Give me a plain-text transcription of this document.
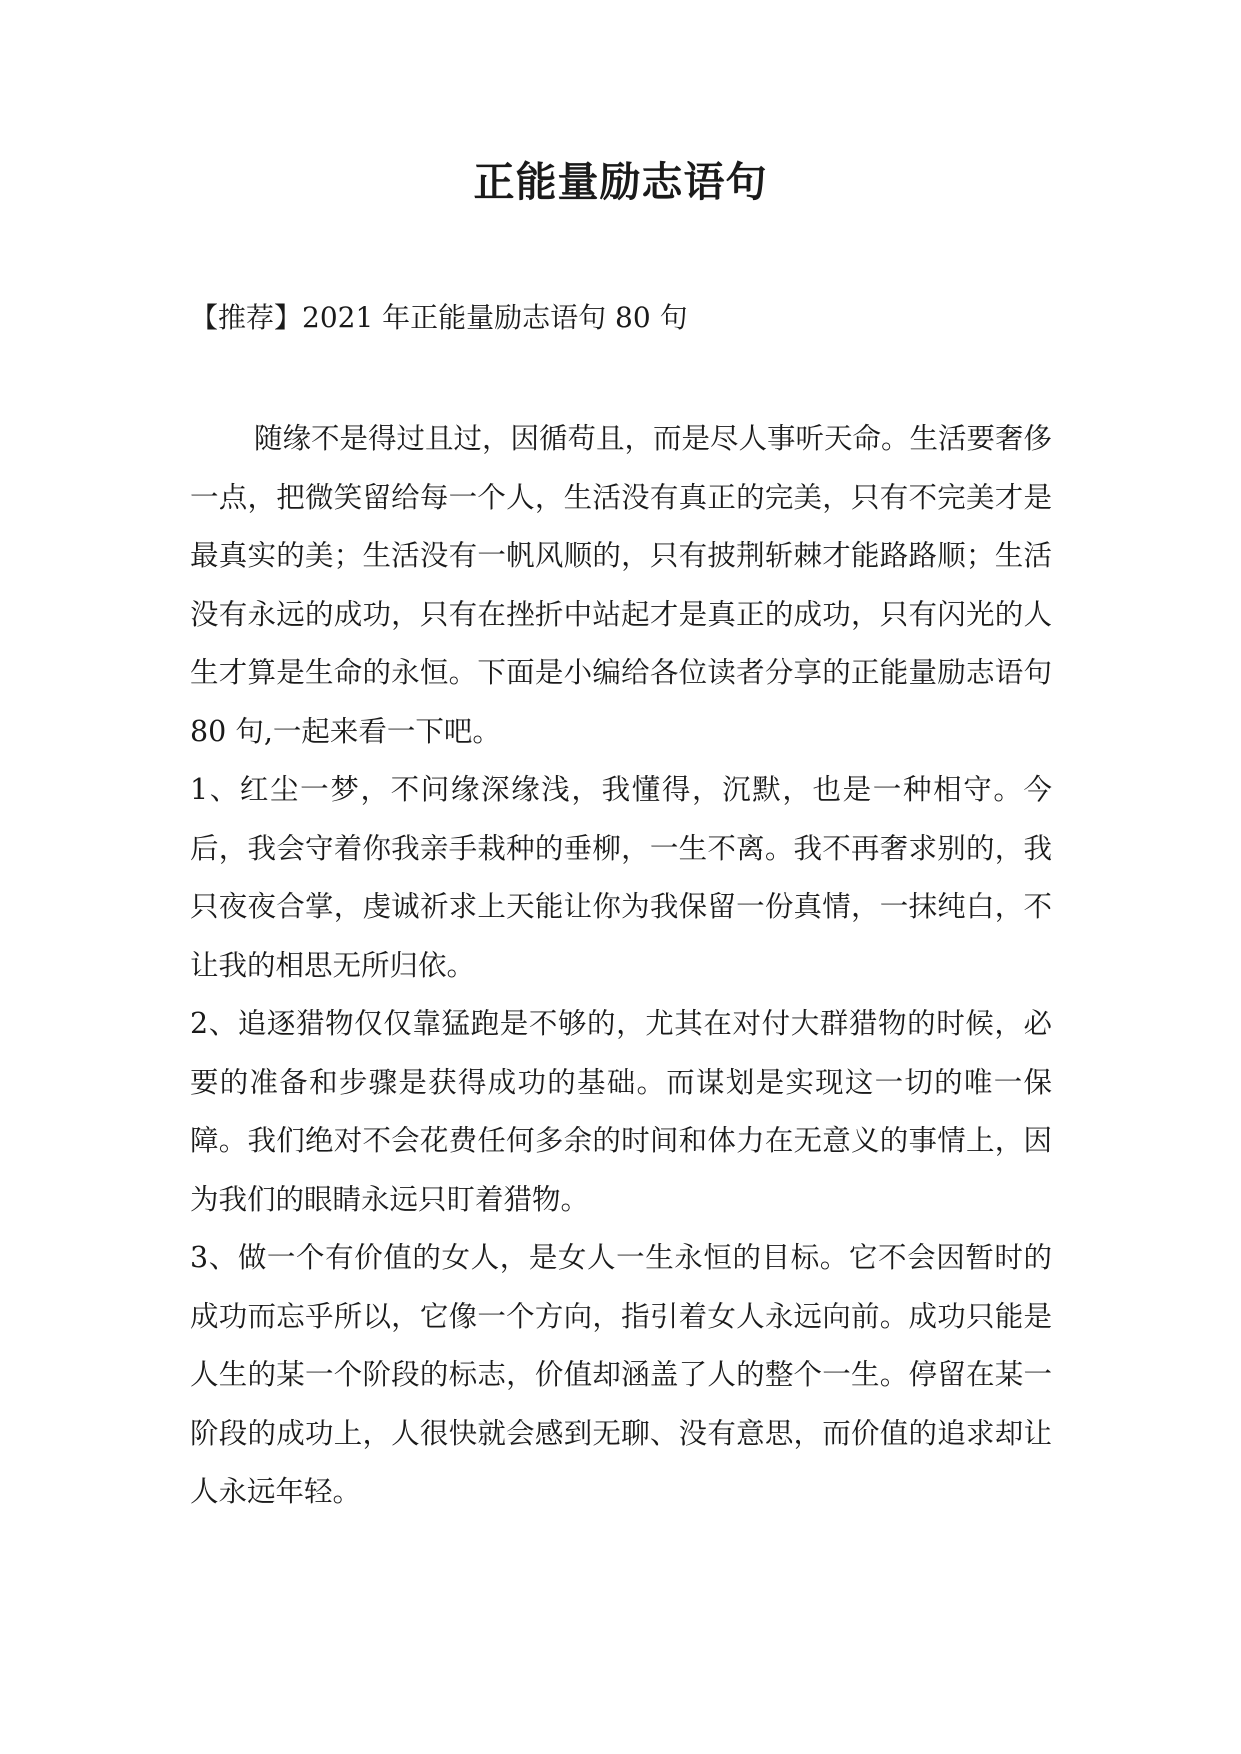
正能量励志语句

【推荐】2021 年正能量励志语句 80 句

随缘不是得过且过，因循苟且，而是尽人事听天命。生活要奢侈一点，把微笑留给每一个人，生活没有真正的完美，只有不完美才是最真实的美；生活没有一帆风顺的，只有披荆斩棘才能路路顺；生活没有永远的成功，只有在挫折中站起才是真正的成功，只有闪光的人生才算是生命的永恒。下面是小编给各位读者分享的正能量励志语句 80 句,一起来看一下吧。

1、红尘一梦，不问缘深缘浅，我懂得，沉默，也是一种相守。今后，我会守着你我亲手栽种的垂柳，一生不离。我不再奢求别的，我只夜夜合掌，虔诚祈求上天能让你为我保留一份真情，一抹纯白，不让我的相思无所归依。

2、追逐猎物仅仅靠猛跑是不够的，尤其在对付大群猎物的时候，必要的准备和步骤是获得成功的基础。而谋划是实现这一切的唯一保障。我们绝对不会花费任何多余的时间和体力在无意义的事情上，因为我们的眼睛永远只盯着猎物。

3、做一个有价值的女人，是女人一生永恒的目标。它不会因暂时的成功而忘乎所以，它像一个方向，指引着女人永远向前。成功只能是人生的某一个阶段的标志，价值却涵盖了人的整个一生。停留在某一阶段的成功上，人很快就会感到无聊、没有意思，而价值的追求却让人永远年轻。
